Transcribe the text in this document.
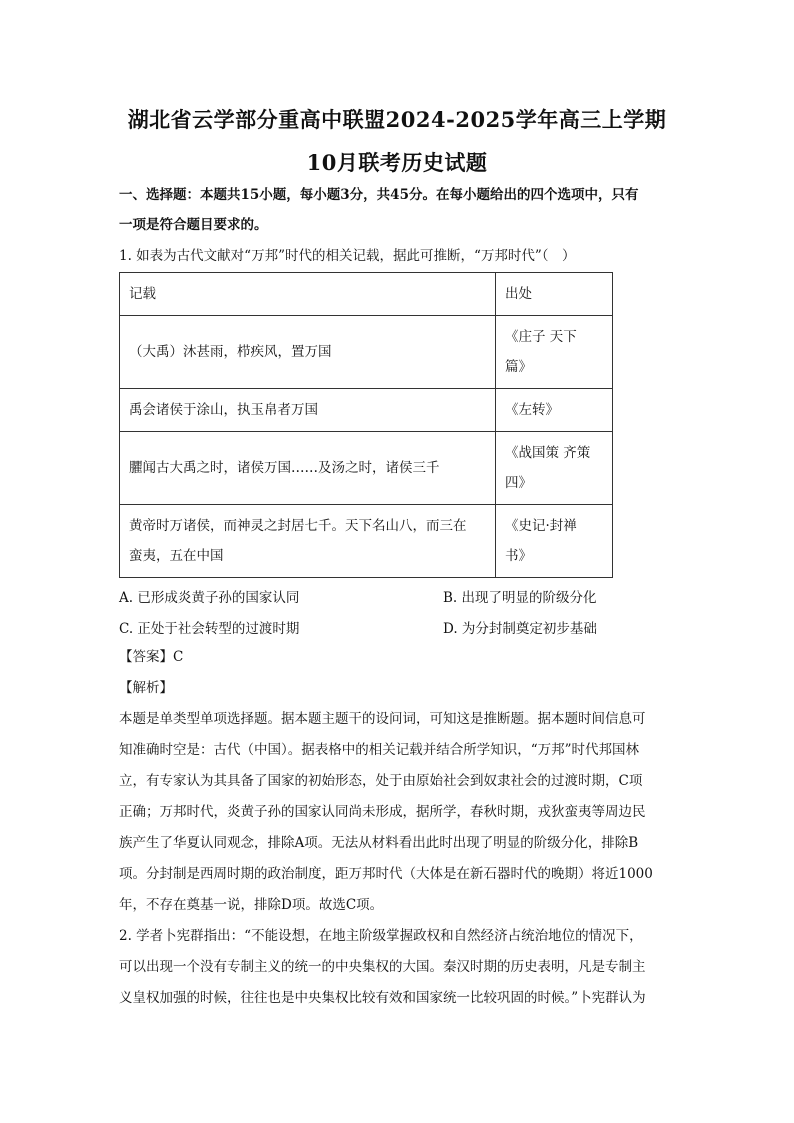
湖北省云学部分重高中联盟2024-2025学年高三上学期
10月联考历史试题
一、选择题：本题共15小题，每小题3分，共45分。在每小题给出的四个选项中，只有
一项是符合题目要求的。
1. 如表为古代文献对“万邦”时代的相关记载，据此可推断，“万邦时代”（　）
记载	出处
（大禹）沐甚雨，栉疾风，置万国	《庄子 天下
篇》
禹会诸侯于涂山，执玉帛者万国	《左转》
臞闻古大禹之时，诸侯万国……及汤之时，诸侯三千	《战国策 齐策
四》
黄帝时万诸侯，而神灵之封居七千。天下名山八，而三在
蛮夷，五在中国	《史记·封禅
书》
A. 已形成炎黄子孙的国家认同	B. 出现了明显的阶级分化
C. 正处于社会转型的过渡时期	D. 为分封制奠定初步基础
【答案】C
【解析】
本题是单类型单项选择题。据本题主题干的设问词，可知这是推断题。据本题时间信息可
知准确时空是：古代（中国）。据表格中的相关记载并结合所学知识，“万邦”时代邦国林
立，有专家认为其具备了国家的初始形态，处于由原始社会到奴隶社会的过渡时期，C项
正确；万邦时代，炎黄子孙的国家认同尚未形成，据所学，春秋时期，戎狄蛮夷等周边民
族产生了华夏认同观念，排除A项。无法从材料看出此时出现了明显的阶级分化，排除B
项。分封制是西周时期的政治制度，距万邦时代（大体是在新石器时代的晚期）将近1000
年，不存在奠基一说，排除D项。故选C项。
2. 学者卜宪群指出：“不能设想，在地主阶级掌握政权和自然经济占统治地位的情况下，
可以出现一个没有专制主义的统一的中央集权的大国。秦汉时期的历史表明，凡是专制主
义皇权加强的时候，往往也是中央集权比较有效和国家统一比较巩固的时候。”卜宪群认为
